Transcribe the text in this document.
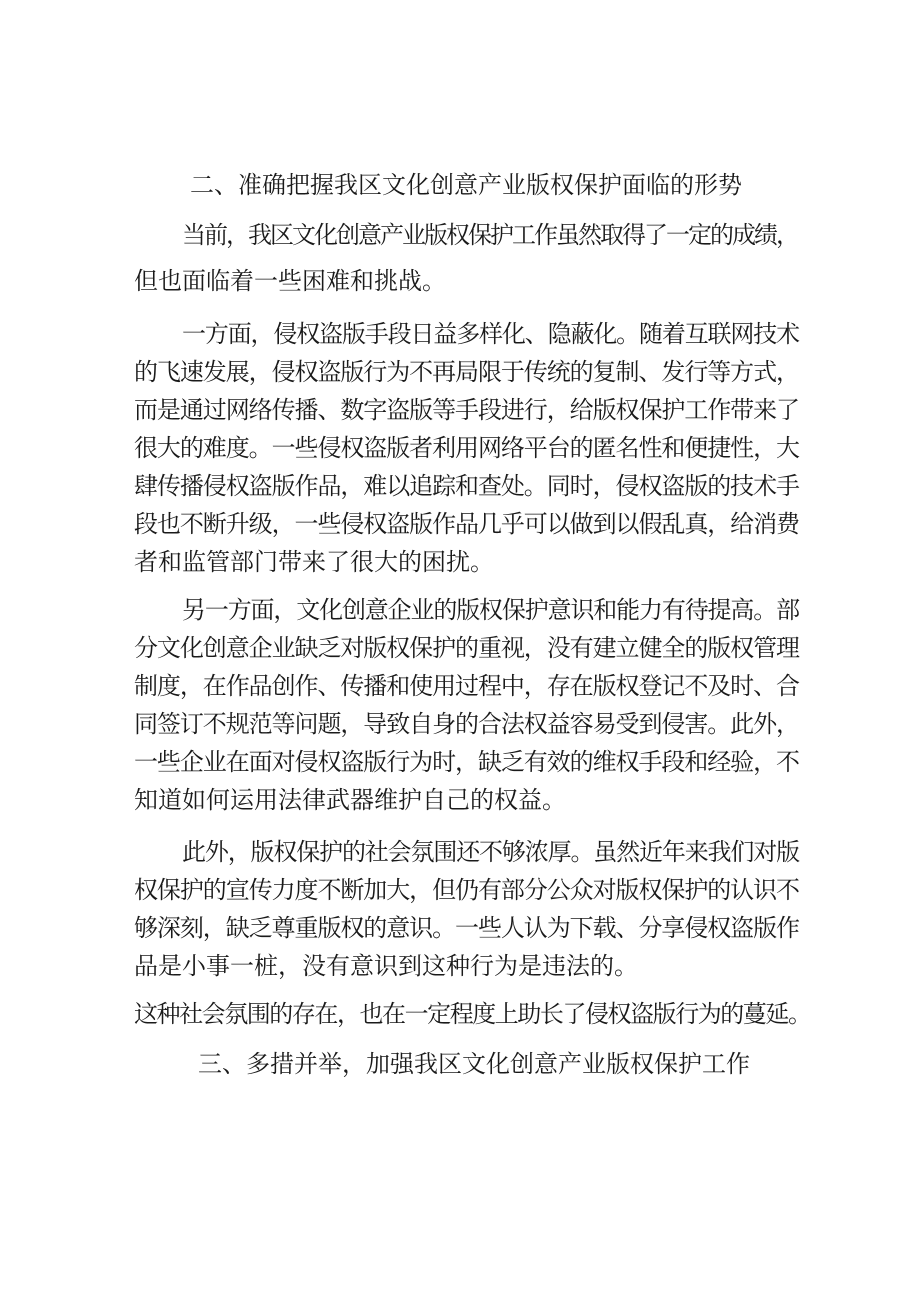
二、准确把握我区文化创意产业版权保护面临的形势
当前，我区文化创意产业版权保护工作虽然取得了一定的成绩，
但也面临着一些困难和挑战。
一方面，侵权盗版手段日益多样化、隐蔽化。随着互联网技术
的飞速发展，侵权盗版行为不再局限于传统的复制、发行等方式，
而是通过网络传播、数字盗版等手段进行，给版权保护工作带来了
很大的难度。一些侵权盗版者利用网络平台的匿名性和便捷性，大
肆传播侵权盗版作品，难以追踪和查处。同时，侵权盗版的技术手
段也不断升级，一些侵权盗版作品几乎可以做到以假乱真，给消费
者和监管部门带来了很大的困扰。
另一方面，文化创意企业的版权保护意识和能力有待提高。部
分文化创意企业缺乏对版权保护的重视，没有建立健全的版权管理
制度，在作品创作、传播和使用过程中，存在版权登记不及时、合
同签订不规范等问题，导致自身的合法权益容易受到侵害。此外，
一些企业在面对侵权盗版行为时，缺乏有效的维权手段和经验，不
知道如何运用法律武器维护自己的权益。
此外，版权保护的社会氛围还不够浓厚。虽然近年来我们对版
权保护的宣传力度不断加大，但仍有部分公众对版权保护的认识不
够深刻，缺乏尊重版权的意识。一些人认为下载、分享侵权盗版作
品是小事一桩，没有意识到这种行为是违法的。
这种社会氛围的存在，也在一定程度上助长了侵权盗版行为的蔓延。
三、多措并举，加强我区文化创意产业版权保护工作
